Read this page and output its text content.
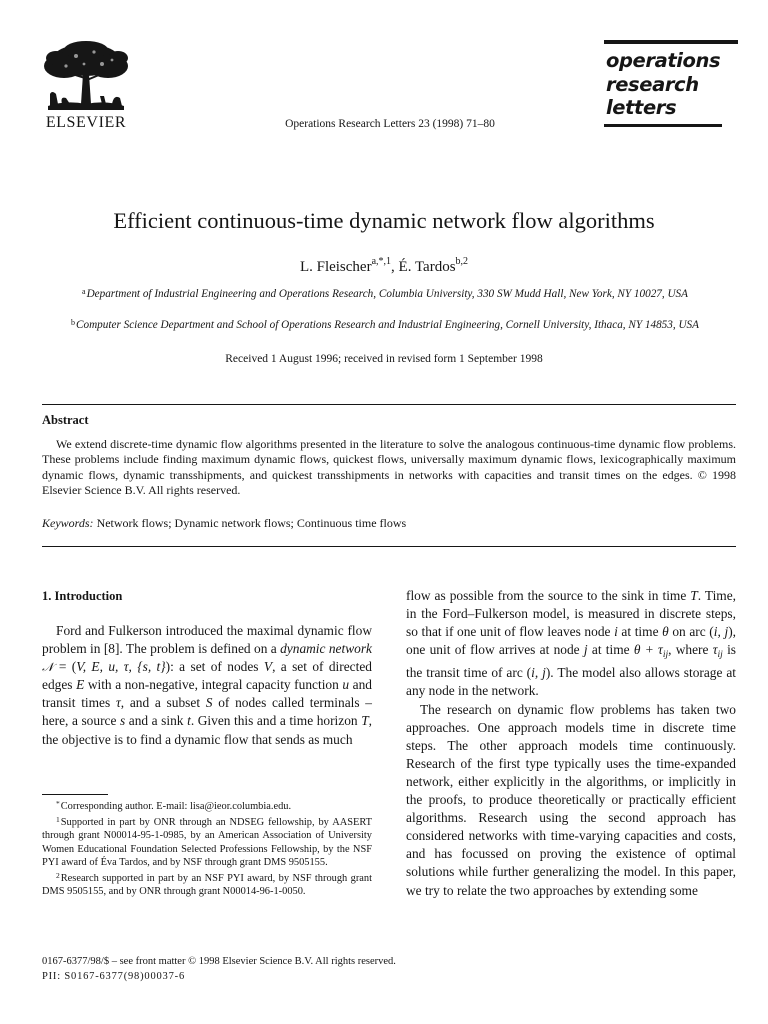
ELSEVIER	Operations Research Letters 23 (1998) 71–80
operations
research
letters
Efficient continuous-time dynamic network flow algorithms
L. Fleischer$^{a,*,1}$, É. Tardos$^{b,2}$
$^a$Department of Industrial Engineering and Operations Research, Columbia University, 330 SW Mudd Hall, New York, NY 10027, USA
$^b$Computer Science Department and School of Operations Research and Industrial Engineering, Cornell University, Ithaca, NY 14853, USA
Received 1 August 1996; received in revised form 1 September 1998
Abstract
We extend discrete-time dynamic flow algorithms presented in the literature to solve the analogous continuous-time dynamic flow problems. These problems include finding maximum dynamic flows, quickest flows, universally maximum dynamic flows, lexicographically maximum dynamic flows, dynamic transshipments, and quickest transshipments in networks with capacities and transit times on the edges. © 1998 Elsevier Science B.V. All rights reserved.
Keywords: Network flows; Dynamic network flows; Continuous time flows
1. Introduction

Ford and Fulkerson introduced the maximal dynamic flow problem in [8]. The problem is defined on a dynamic network 𝒩 = (V, E, u, τ, {s, t}): a set of nodes V, a set of directed edges E with a non-negative, integral capacity function u and transit times τ, and a subset S of nodes called terminals – here, a source s and a sink t. Given this and a time horizon T, the objective is to find a dynamic flow that sends as much

*Corresponding author. E-mail: lisa@ieor.columbia.edu.

$^1$Supported in part by ONR through an NDSEG fellowship, by AASERT through grant N00014-95-1-0985, by an American Association of University Women Educational Foundation Selected Professions Fellowship, by the NSF PYI award of Éva Tardos, and by NSF through grant DMS 9505155.

$^2$Research supported in part by an NSF PYI award, by NSF through grant DMS 9505155, and by ONR through grant N00014-96-1-0050.

flow as possible from the source to the sink in time T. Time, in the Ford–Fulkerson model, is measured in discrete steps, so that if one unit of flow leaves node i at time θ on arc (i, j), one unit of flow arrives at node j at time $\theta + \tau_{ij}$, where $\tau_{ij}$ is the transit time of arc (i, j). The model also allows storage at any node in the network.

The research on dynamic flow problems has taken two approaches. One approach models time in discrete time steps. The other approach models time continuously. Research of the first type typically uses the time-expanded network, either explicitly in the algorithms, or implicitly in the proofs, to produce theoretically or practically efficient algorithms. Research using the second approach has considered networks with time-varying capacities and costs, and has focussed on proving the existence of optimal solutions while further generalizing the model. In this paper, we try to relate the two approaches by extending some

0167-6377/98/$ – see front matter © 1998 Elsevier Science B.V. All rights reserved.
PII: S0167-6377(98)00037-6
